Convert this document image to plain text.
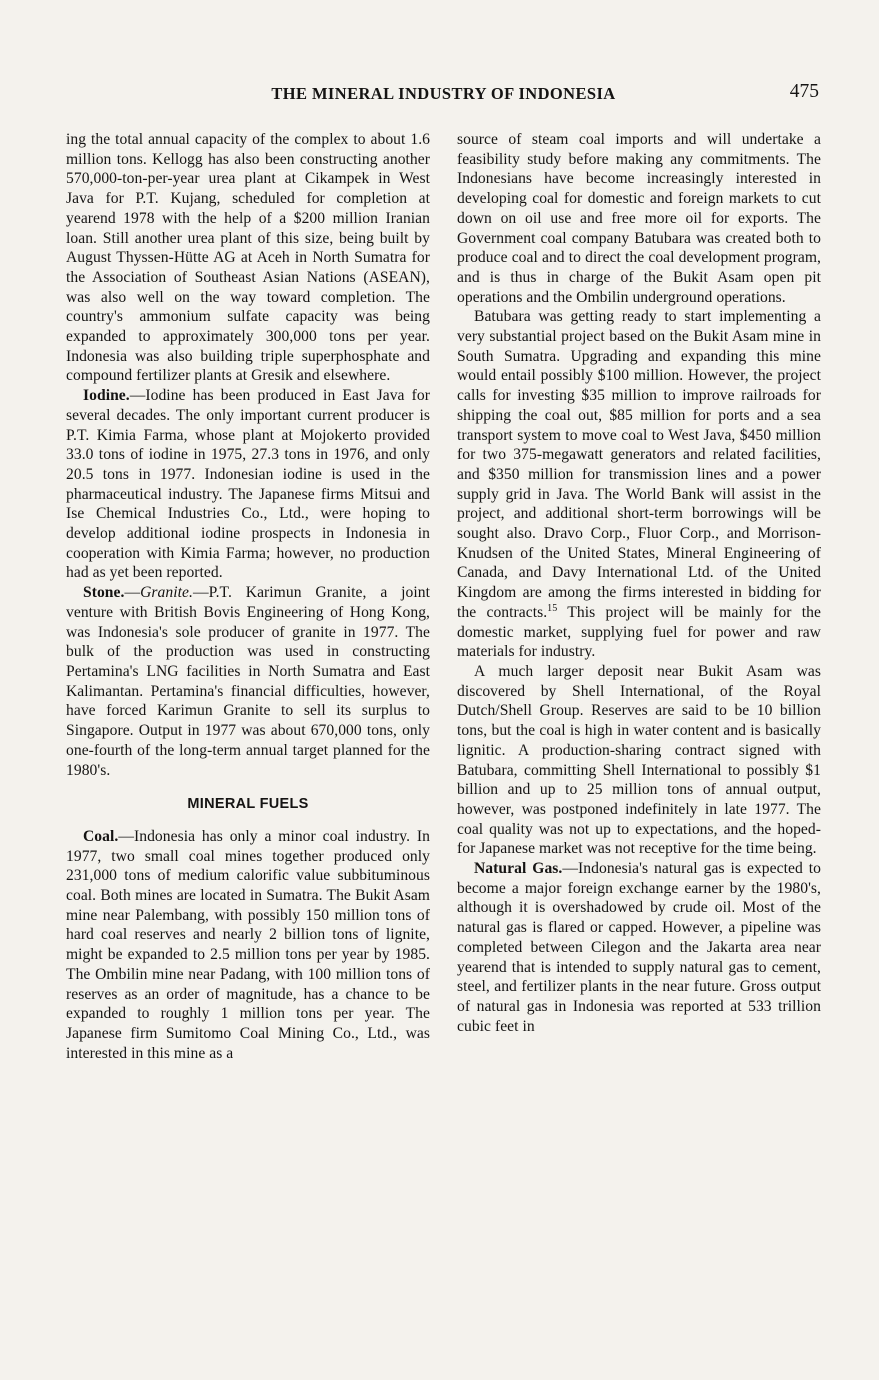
THE MINERAL INDUSTRY OF INDONESIA	475

ing the total annual capacity of the complex to about 1.6 million tons. Kellogg has also been constructing another 570,000-ton-per-year urea plant at Cikampek in West Java for P.T. Kujang, scheduled for completion at yearend 1978 with the help of a $200 million Iranian loan. Still another urea plant of this size, being built by August Thyssen-Hütte AG at Aceh in North Sumatra for the Association of Southeast Asian Nations (ASEAN), was also well on the way toward completion. The country's ammonium sulfate capacity was being expanded to approximately 300,000 tons per year. Indonesia was also building triple superphosphate and compound fertilizer plants at Gresik and elsewhere.

Iodine.—Iodine has been produced in East Java for several decades. The only important current producer is P.T. Kimia Farma, whose plant at Mojokerto provided 33.0 tons of iodine in 1975, 27.3 tons in 1976, and only 20.5 tons in 1977. Indonesian iodine is used in the pharmaceutical industry. The Japanese firms Mitsui and Ise Chemical Industries Co., Ltd., were hoping to develop additional iodine prospects in Indonesia in cooperation with Kimia Farma; however, no production had as yet been reported.

Stone.—Granite.—P.T. Karimun Granite, a joint venture with British Bovis Engineering of Hong Kong, was Indonesia's sole producer of granite in 1977. The bulk of the production was used in constructing Pertamina's LNG facilities in North Sumatra and East Kalimantan. Pertamina's financial difficulties, however, have forced Karimun Granite to sell its surplus to Singapore. Output in 1977 was about 670,000 tons, only one-fourth of the long-term annual target planned for the 1980's.

MINERAL FUELS

Coal.—Indonesia has only a minor coal industry. In 1977, two small coal mines together produced only 231,000 tons of medium calorific value subbituminous coal. Both mines are located in Sumatra. The Bukit Asam mine near Palembang, with possibly 150 million tons of hard coal reserves and nearly 2 billion tons of lignite, might be expanded to 2.5 million tons per year by 1985. The Ombilin mine near Padang, with 100 million tons of reserves as an order of magnitude, has a chance to be expanded to roughly 1 million tons per year. The Japanese firm Sumitomo Coal Mining Co., Ltd., was interested in this mine as a

source of steam coal imports and will undertake a feasibility study before making any commitments. The Indonesians have become increasingly interested in developing coal for domestic and foreign markets to cut down on oil use and free more oil for exports. The Government coal company Batubara was created both to produce coal and to direct the coal development program, and is thus in charge of the Bukit Asam open pit operations and the Ombilin underground operations.

Batubara was getting ready to start implementing a very substantial project based on the Bukit Asam mine in South Sumatra. Upgrading and expanding this mine would entail possibly $100 million. However, the project calls for investing $35 million to improve railroads for shipping the coal out, $85 million for ports and a sea transport system to move coal to West Java, $450 million for two 375-megawatt generators and related facilities, and $350 million for transmission lines and a power supply grid in Java. The World Bank will assist in the project, and additional short-term borrowings will be sought also. Dravo Corp., Fluor Corp., and Morrison-Knudsen of the United States, Mineral Engineering of Canada, and Davy International Ltd. of the United Kingdom are among the firms interested in bidding for the contracts.$^{15}$ This project will be mainly for the domestic market, supplying fuel for power and raw materials for industry.

A much larger deposit near Bukit Asam was discovered by Shell International, of the Royal Dutch/Shell Group. Reserves are said to be 10 billion tons, but the coal is high in water content and is basically lignitic. A production-sharing contract signed with Batubara, committing Shell International to possibly $1 billion and up to 25 million tons of annual output, however, was postponed indefinitely in late 1977. The coal quality was not up to expectations, and the hoped-for Japanese market was not receptive for the time being.

Natural Gas.—Indonesia's natural gas is expected to become a major foreign exchange earner by the 1980's, although it is overshadowed by crude oil. Most of the natural gas is flared or capped. However, a pipeline was completed between Cilegon and the Jakarta area near yearend that is intended to supply natural gas to cement, steel, and fertilizer plants in the near future. Gross output of natural gas in Indonesia was reported at 533 trillion cubic feet in
